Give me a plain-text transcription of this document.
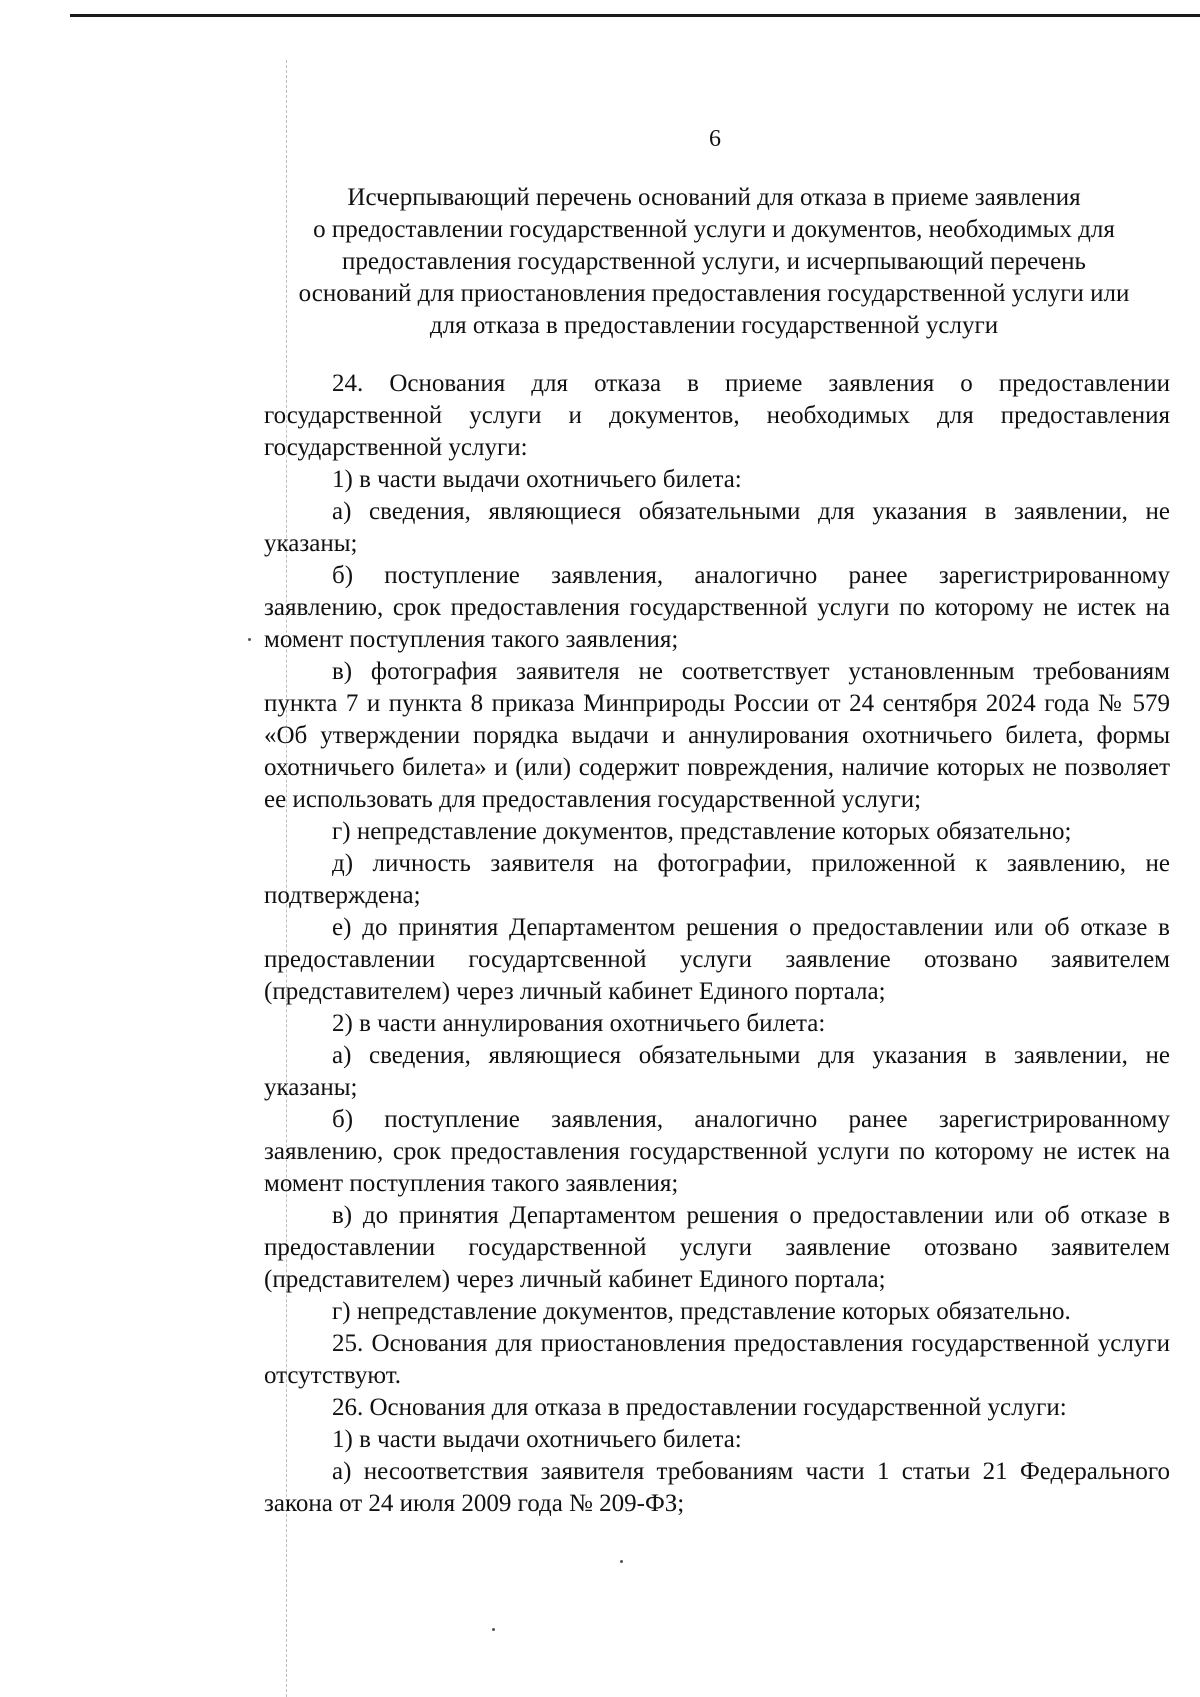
6
Исчерпывающий перечень оснований для отказа в приеме заявления
о предоставлении государственной услуги и документов, необходимых для
предоставления государственной услуги, и исчерпывающий перечень
оснований для приостановления предоставления государственной услуги или
для отказа в предоставлении государственной услуги

24. Основания для отказа в приеме заявления о предоставлении государственной услуги и документов, необходимых для предоставления государственной услуги:

1) в части выдачи охотничьего билета:

а) сведения, являющиеся обязательными для указания в заявлении, не указаны;

б) поступление заявления, аналогично ранее зарегистрированному заявлению, срок предоставления государственной услуги по которому не истек на момент поступления такого заявления;

в) фотография заявителя не соответствует установленным требованиям пункта 7 и пункта 8 приказа Минприроды России от 24 сентября 2024 года № 579 «Об утверждении порядка выдачи и аннулирования охотничьего билета, формы охотничьего билета» и (или) содержит повреждения, наличие которых не позволяет ее использовать для предоставления государственной услуги;

г) непредставление документов, представление которых обязательно;

д) личность заявителя на фотографии, приложенной к заявлению, не подтверждена;

е) до принятия Департаментом решения о предоставлении или об отказе в предоставлении государтсвенной услуги заявление отозвано заявителем (представителем) через личный кабинет Единого портала;

2) в части аннулирования охотничьего билета:

а) сведения, являющиеся обязательными для указания в заявлении, не указаны;

б) поступление заявления, аналогично ранее зарегистрированному заявлению, срок предоставления государственной услуги по которому не истек на момент поступления такого заявления;

в) до принятия Департаментом решения о предоставлении или об отказе в предоставлении государственной услуги заявление отозвано заявителем (представителем) через личный кабинет Единого портала;

г) непредставление документов, представление которых обязательно.

25. Основания для приостановления предоставления государственной услуги отсутствуют.

26. Основания для отказа в предоставлении государственной услуги:

1) в части выдачи охотничьего билета:

а) несоответствия заявителя требованиям части 1 статьи 21 Федерального закона от 24 июля 2009 года № 209-ФЗ;
